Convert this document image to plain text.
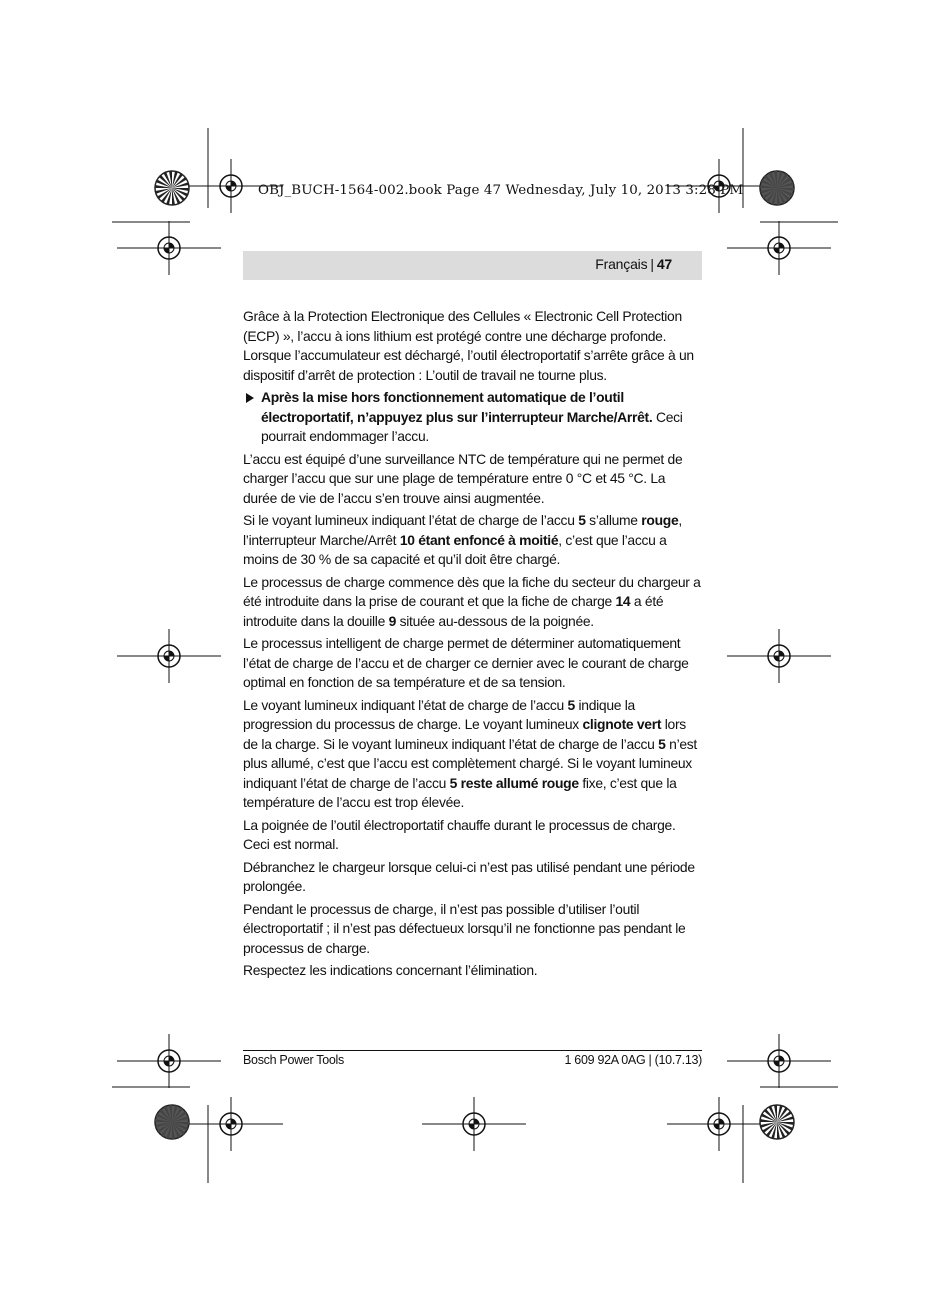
OBJ_BUCH-1564-002.book Page 47 Wednesday, July 10, 2013 3:28 PM
Français | 47

Grâce à la Protection Electronique des Cellules « Electronic Cell Protection (ECP) », l’accu à ions lithium est protégé contre une décharge profonde. Lorsque l’accumulateur est déchargé, l’outil électroportatif s’arrête grâce à un dispositif d’arrêt de protection : L’outil de travail ne tourne plus.

Après la mise hors fonctionnement automatique de l’outil électroportatif, n’appuyez plus sur l’interrupteur Marche/Arrêt. Ceci pourrait endommager l’accu.

L’accu est équipé d’une surveillance NTC de température qui ne permet de charger l’accu que sur une plage de température entre 0 °C et 45 °C. La durée de vie de l’accu s’en trouve ainsi augmentée.

Si le voyant lumineux indiquant l’état de charge de l’accu 5 s’allume rouge, l’interrupteur Marche/Arrêt 10 étant enfoncé à moitié, c’est que l’accu a moins de 30 % de sa capacité et qu’il doit être chargé.

Le processus de charge commence dès que la fiche du secteur du chargeur a été introduite dans la prise de courant et que la fiche de charge 14 a été introduite dans la douille 9 située au-dessous de la poignée.

Le processus intelligent de charge permet de déterminer automatiquement l’état de charge de l’accu et de charger ce dernier avec le courant de charge optimal en fonction de sa température et de sa tension.

Le voyant lumineux indiquant l’état de charge de l’accu 5 indique la progression du processus de charge. Le voyant lumineux clignote vert lors de la charge. Si le voyant lumineux indiquant l’état de charge de l’accu 5 n’est plus allumé, c’est que l’accu est complètement chargé. Si le voyant lumineux indiquant l’état de charge de l’accu 5 reste allumé rouge fixe, c’est que la température de l’accu est trop élevée.

La poignée de l’outil électroportatif chauffe durant le processus de charge. Ceci est normal.

Débranchez le chargeur lorsque celui-ci n’est pas utilisé pendant une période prolongée.

Pendant le processus de charge, il n’est pas possible d’utiliser l’outil électroportatif ; il n’est pas défectueux lorsqu’il ne fonctionne pas pendant le processus de charge.

Respectez les indications concernant l’élimination.

Bosch Power Tools	1 609 92A 0AG | (10.7.13)
